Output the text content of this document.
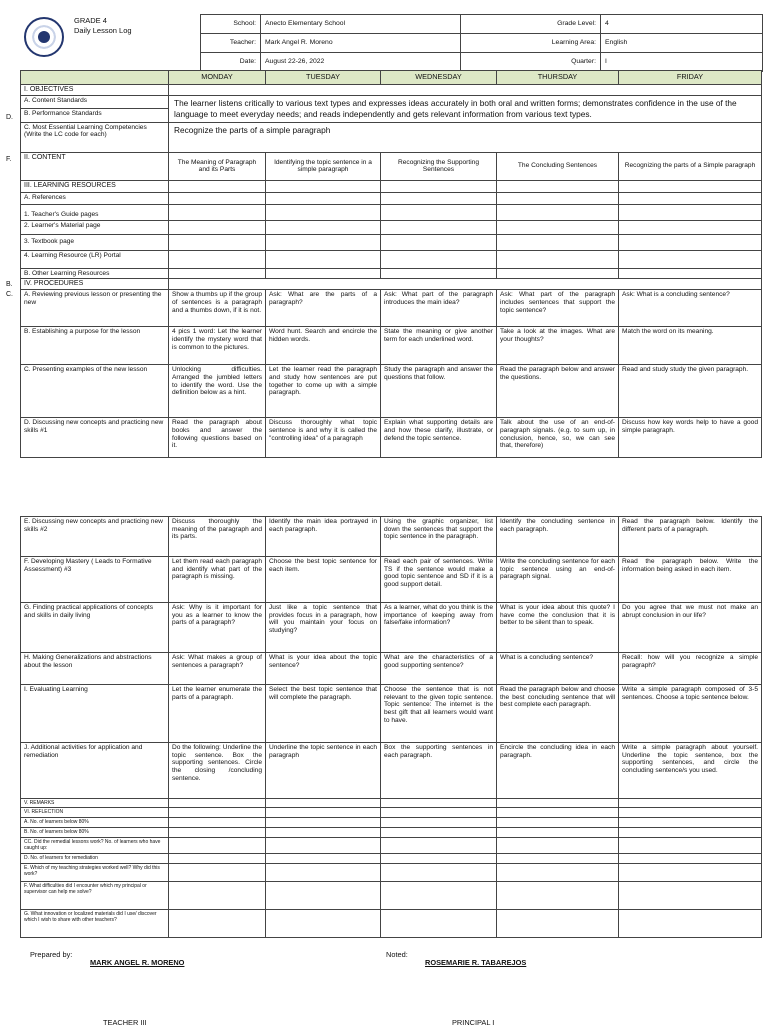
GRADE 4
Daily Lesson Log
School:	Anecto Elementary School	Grade Level:	4
Teacher:	Mark Angel R. Moreno	Learning Area:	English
Date:	August 22-26, 2022	Quarter:	I
D.
F.
B.
C.
	MONDAY	TUESDAY	WEDNESDAY	THURSDAY	FRIDAY
I. OBJECTIVES					
A. Content Standards	The learner listens critically to various text types and expresses ideas accurately in both oral and written forms; demonstrates confidence in the use of the language to meet everyday needs; and reads independently and gets relevant information from various text types.				
B. Performance Standards					
C. Most Essential Learning Competencies (Write the LC code for each)	Recognize the parts of a simple paragraph				
II. CONTENT	The Meaning of Paragraph and its Parts	Identifying the topic sentence in a simple paragraph	Recognizing the Supporting Sentences	The Concluding Sentences	Recognizing the parts of a Simple paragraph
III. LEARNING RESOURCES					
A. References					
1. Teacher's Guide pages					
2. Learner's Material page					
3. Textbook page					
4. Learning Resource (LR) Portal					
B. Other Learning Resources					
IV. PROCEDURES					
A. Reviewing previous lesson or presenting the new	Show a thumbs up if the group of sentences is a paragraph and a thumbs down, if it is not.	Ask: What are the parts of a paragraph?	Ask: What part of the paragraph introduces the main idea?	Ask: What part of the paragraph includes sentences that support the topic sentence?	Ask: What is a concluding sentence?
B. Establishing a purpose for the lesson	4 pics 1 word: Let the learner identify the mystery word that is common to the pictures.	Word hunt. Search and encircle the hidden words.	State the meaning or give another term for each underlined word.	Take a look at the images. What are your thoughts?	Match the word on its meaning.
C. Presenting examples of the new lesson	Unlocking difficulties. Arranged the jumbled letters to identify the word. Use the definition below as a hint.	Let the learner read the paragraph and study how sentences are put together to come up with a simple paragraph.	Study the paragraph and answer the questions that follow.	Read the paragraph below and answer the questions.	Read and study study the given paragraph.
D. Discussing new concepts and practicing new skills #1	Read the paragraph about books and answer the following questions based on it.	Discuss thoroughly what topic sentence is and why it is called the "controlling idea" of a paragraph	Explain what supporting details are and how these clarify, illustrate, or defend the topic sentence.	Talk about the use of an end-of-paragraph signals. (e.g. to sum up, in conclusion, hence, so, we can see that, therefore)	Discuss how key words help to have a good simple paragraph.
E. Discussing new concepts and practicing new skills #2	Discuss thoroughly the meaning of the paragraph and its parts.	Identify the main idea portrayed in each paragraph.	Using the graphic organizer, list down the sentences that support the topic sentence in the paragraph.	Identify the concluding sentence in each paragraph.	Read the paragraph below. Identify the different parts of a paragraph.
F. Developing Mastery ( Leads to Formative Assessment) #3	Let them read each paragraph and identify what part of the paragraph is missing.	Choose the best topic sentence for each item.	Read each pair of sentences. Write TS if the sentence would make a good topic sentence and SD if it is a good support detail.	Write the concluding sentence for each topic sentence using an end-of-paragraph signal.	Read the paragraph below. Write the information being asked in each item.
G. Finding practical applications of concepts and skills in daily living	Ask: Why is it important for you as a learner to know the parts of a paragraph?	Just like a topic sentence that provides focus in a paragraph, how will you maintain your focus on studying?	As a learner, what do you think is the importance of keeping away from false/fake information?	What is your idea about this quote? I have come the conclusion that it is better to be silent than to speak.	Do you agree that we must not make an abrupt conclusion in our life?
H. Making Generalizations and abstractions about the lesson	Ask: What makes a group of sentences a paragraph?	What is your idea about the topic sentence?	What are the characteristics of a good supporting sentence?	What is a concluding sentence?	Recall: how will you recognize a simple paragraph?
I. Evaluating Learning	Let the learner enumerate the parts of a paragraph.	Select the best topic sentence that will complete the paragraph.	Choose the sentence that is not relevant to the given topic sentence. Topic sentence: The internet is the best gift that all learners would want to have.	Read the paragraph below and choose the best concluding sentence that will best complete each paragraph.	Write a simple paragraph composed of 3-5 sentences. Choose a topic sentence below.
J. Additional activities for application and remediation	Do the following: Underline the topic sentence. Box the supporting sentences. Circle the closing /concluding sentence.	Underline the topic sentence in each paragraph	Box the supporting sentences in each paragraph.	Encircle the concluding idea in each paragraph.	Write a simple paragraph about yourself. Underline the topic sentence, box the supporting sentences, and circle the concluding sentence/s you used.
V. REMARKS					
VI. REFLECTION					
A. No. of learners below 80%					
B. No. of learners below 80%					
CC. Did the remedial lessons work? No. of learners who have caught up:					
D. No. of learners for remediation					
E. Which of my teaching strategies worked well? Why did this work?					
F. What difficulties did I encounter which my principal or supervisor can help me solve?					
G. What innovation or localized materials did I use/ discover which I wish to share with other teachers?					
Prepared by:
MARK ANGEL R. MORENO
Noted:
ROSEMARIE R. TABAREJOS
TEACHER III	PRINCIPAL I
